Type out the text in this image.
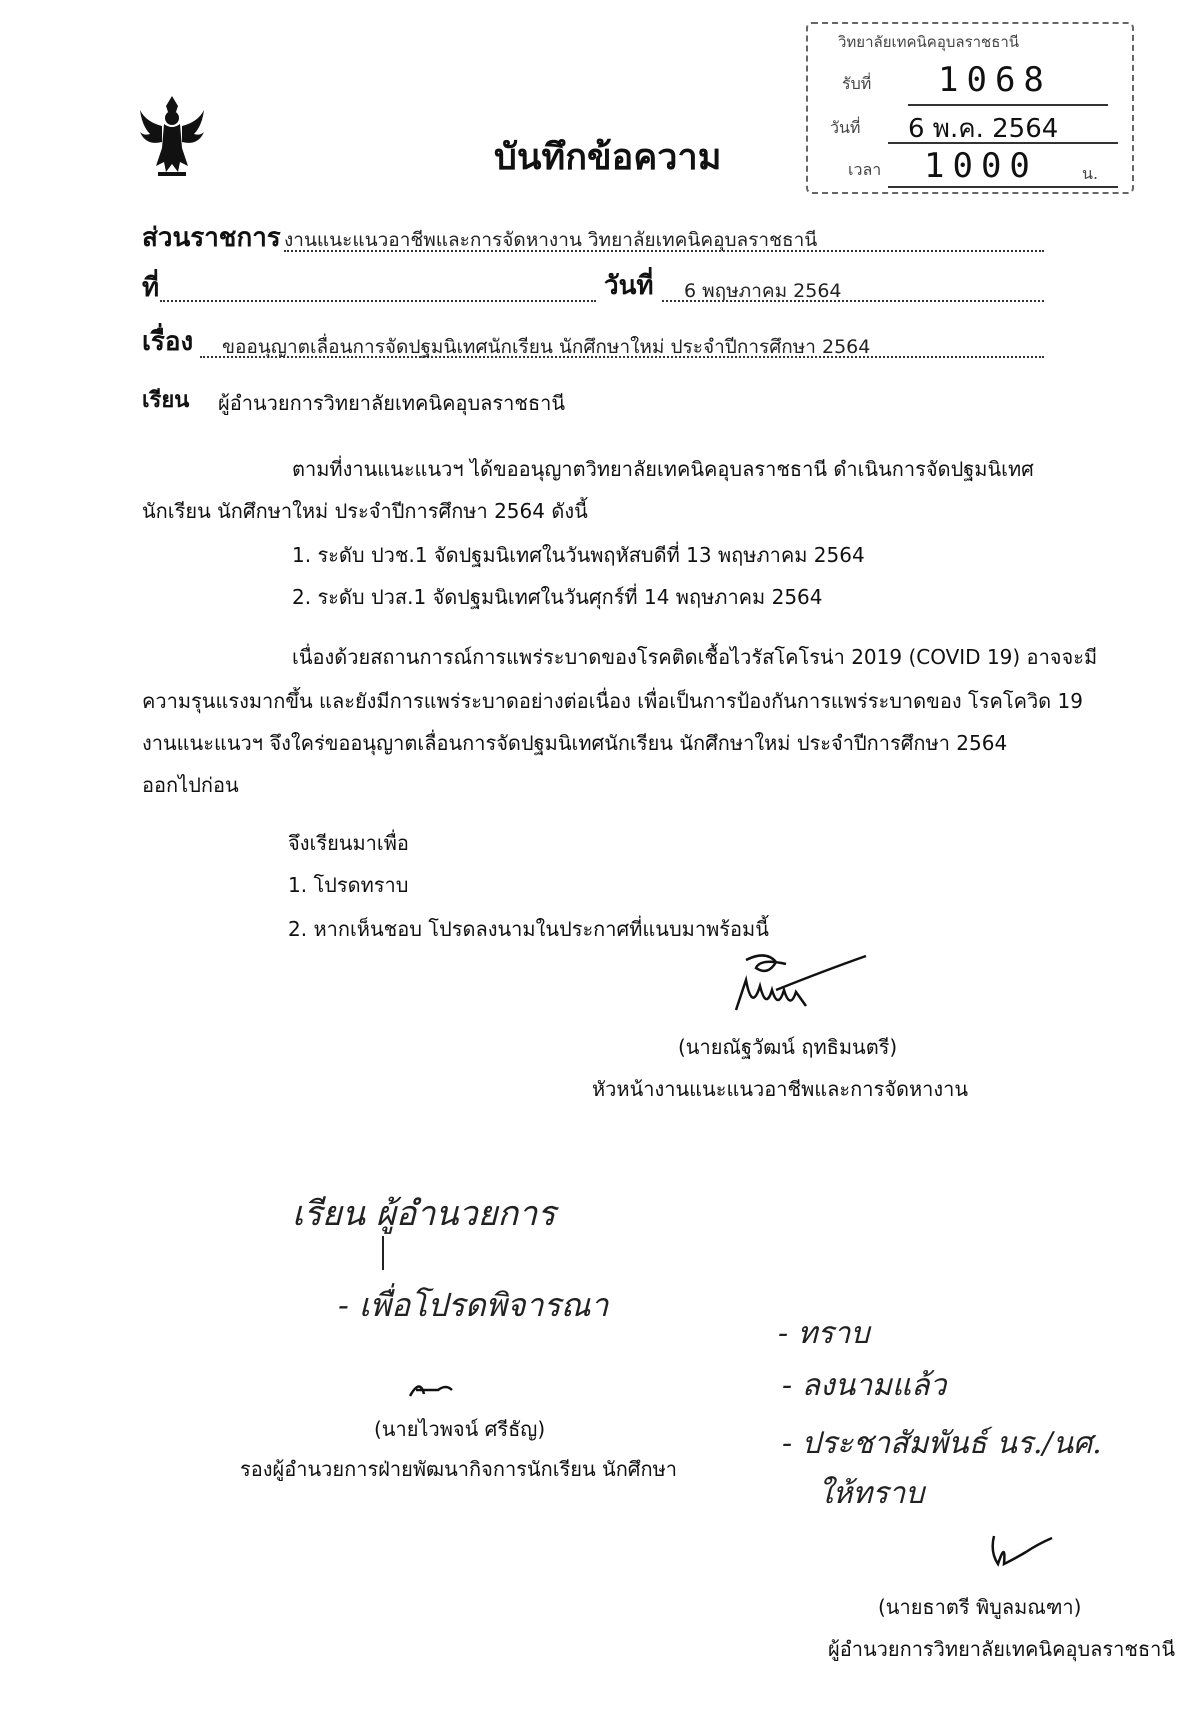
วิทยาลัยเทคนิคอุบลราชธานี
รับที่ 1068
วันที่ 6 พ.ค. 2564
เวลา 1000	น.
บันทึกข้อความ
ส่วนราชการ งานแนะแนวอาชีพและการจัดหางาน วิทยาลัยเทคนิคอุบลราชธานี
ที่	วันที่ 6 พฤษภาคม 2564
เรื่อง ขออนุญาตเลื่อนการจัดปฐมนิเทศนักเรียน นักศึกษาใหม่ ประจำปีการศึกษา 2564
เรียน ผู้อำนวยการวิทยาลัยเทคนิคอุบลราชธานี
ตามที่งานแนะแนวฯ ได้ขออนุญาตวิทยาลัยเทคนิคอุบลราชธานี ดำเนินการจัดปฐมนิเทศ
นักเรียน นักศึกษาใหม่ ประจำปีการศึกษา 2564 ดังนี้
1. ระดับ ปวช.1 จัดปฐมนิเทศในวันพฤหัสบดีที่ 13 พฤษภาคม 2564
2. ระดับ ปวส.1 จัดปฐมนิเทศในวันศุกร์ที่ 14 พฤษภาคม 2564
เนื่องด้วยสถานการณ์การแพร่ระบาดของโรคติดเชื้อไวรัสโคโรน่า 2019 (COVID 19) อาจจะมี
ความรุนแรงมากขึ้น และยังมีการแพร่ระบาดอย่างต่อเนื่อง เพื่อเป็นการป้องกันการแพร่ระบาดของ โรคโควิด 19
งานแนะแนวฯ จึงใคร่ขออนุญาตเลื่อนการจัดปฐมนิเทศนักเรียน นักศึกษาใหม่ ประจำปีการศึกษา 2564
ออกไปก่อน
จึงเรียนมาเพื่อ
1. โปรดทราบ
2. หากเห็นชอบ โปรดลงนามในประกาศที่แนบมาพร้อมนี้
(นายณัฐวัฒน์ ฤทธิมนตรี)
หัวหน้างานแนะแนวอาชีพและการจัดหางาน
เรียน ผู้อำนวยการ
- เพื่อโปรดพิจารณา
(นายไวพจน์ ศรีธัญ)
รองผู้อำนวยการฝ่ายพัฒนากิจการนักเรียน นักศึกษา
- ทราบ
- ลงนามแล้ว
- ประชาสัมพันธ์ นร./นศ.
ให้ทราบ
(นายธาตรี พิบูลมณฑา)
ผู้อำนวยการวิทยาลัยเทคนิคอุบลราชธานี
